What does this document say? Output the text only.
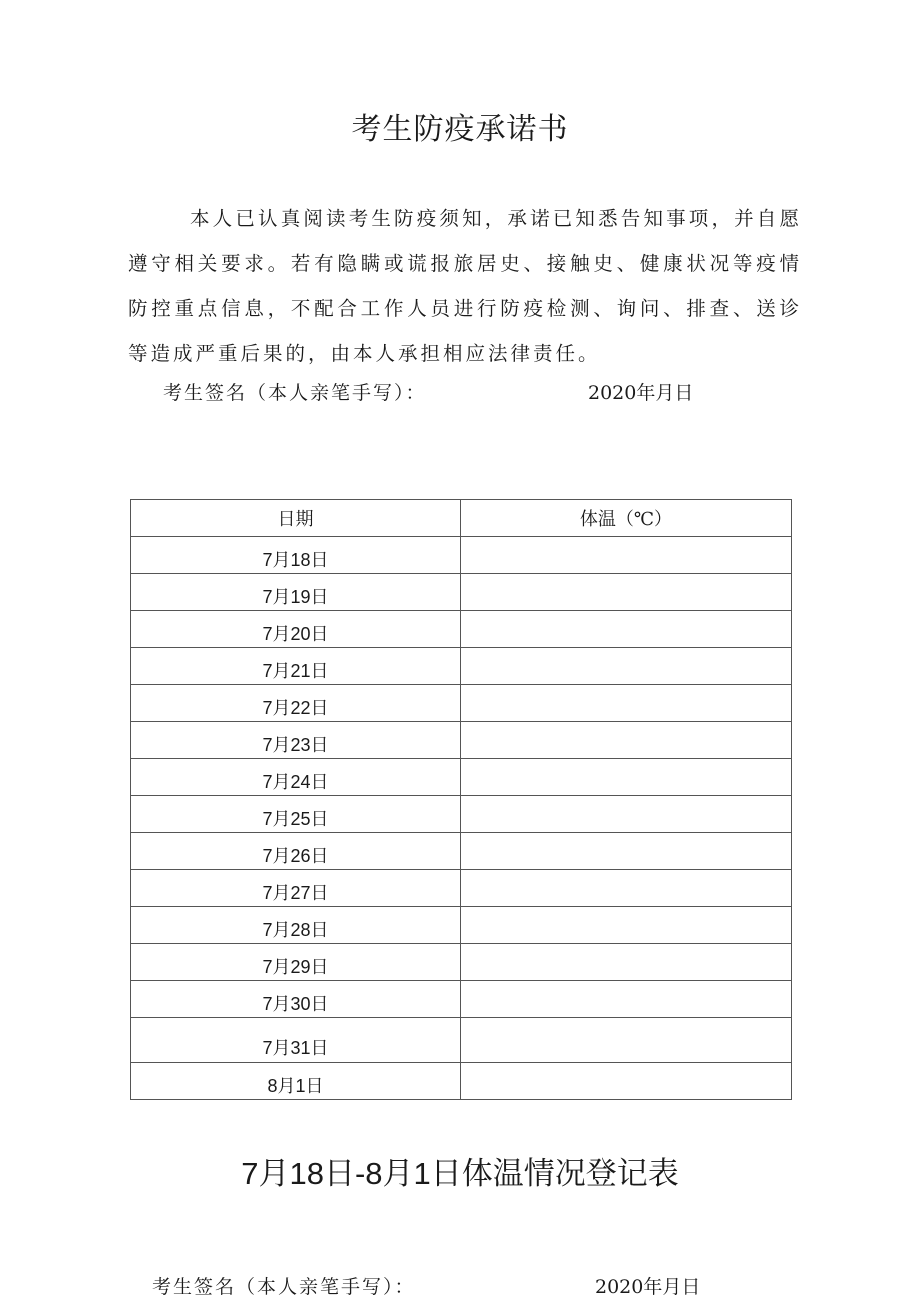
考生防疫承诺书
本人已认真阅读考生防疫须知，承诺已知悉告知事项，并自愿遵守相关要求。若有隐瞒或谎报旅居史、接触史、健康状况等疫情防控重点信息，不配合工作人员进行防疫检测、询问、排查、送诊等造成严重后果的，由本人承担相应法律责任。
考生签名（本人亲笔手写）：	2020年月日
日期	体温（℃）
7月18日	
7月19日	
7月20日	
7月21日	
7月22日	
7月23日	
7月24日	
7月25日	
7月26日	
7月27日	
7月28日	
7月29日	
7月30日	
7月31日	
8月1日	
7月18日-8月1日体温情况登记表
考生签名（本人亲笔手写）：	2020年月日
